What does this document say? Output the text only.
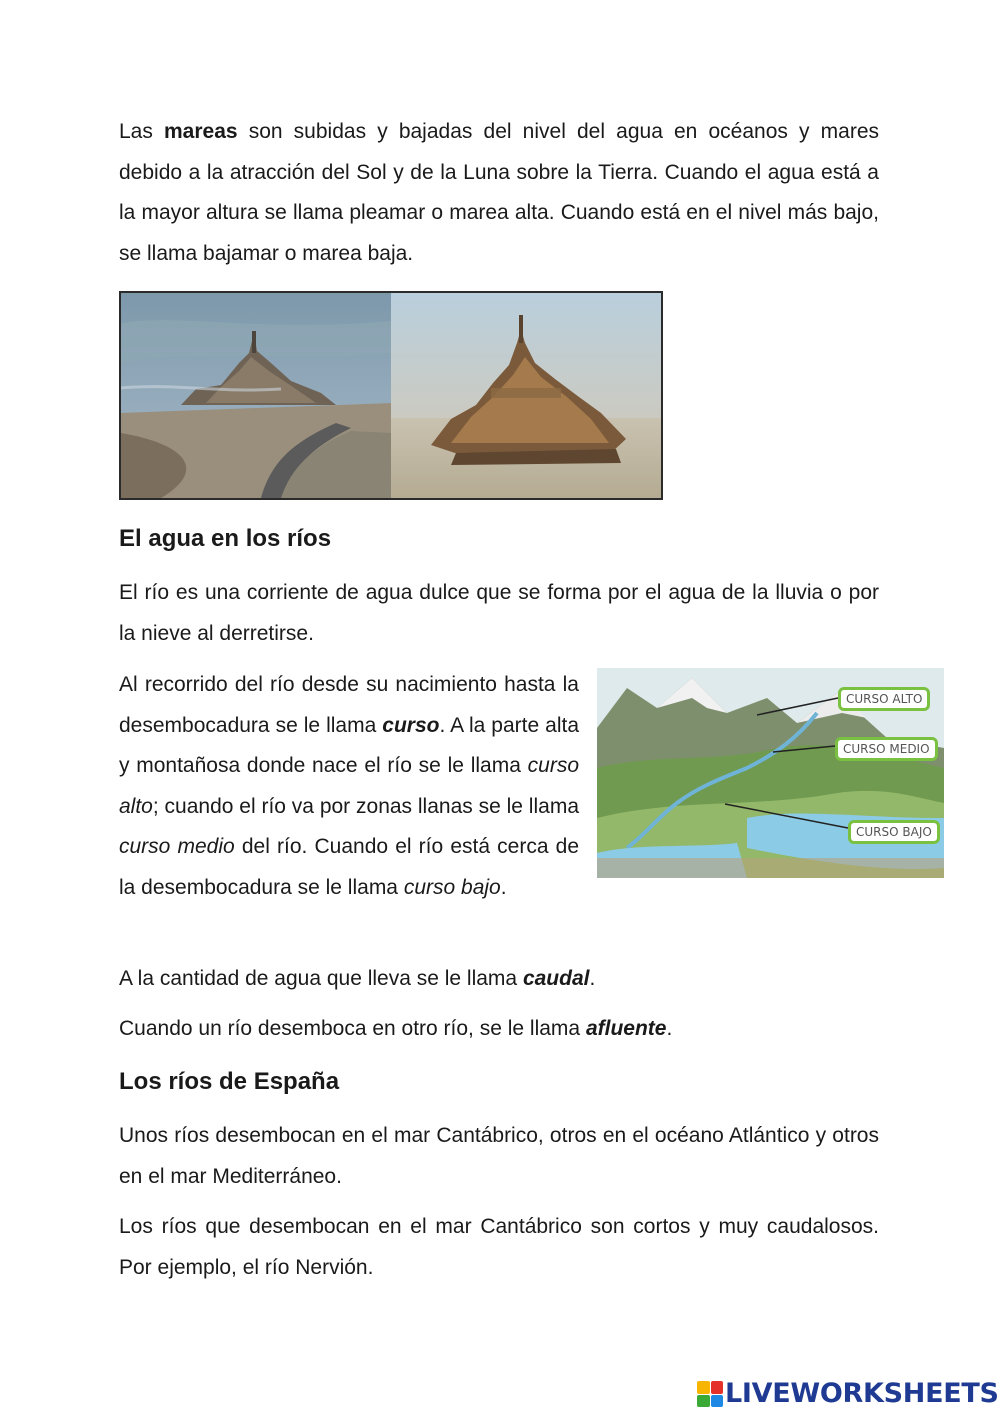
Las mareas son subidas y bajadas del nivel del agua en océanos y mares debido a la atracción del Sol y de la Luna sobre la Tierra. Cuando el agua está a la mayor altura se llama pleamar o marea alta. Cuando está en el nivel más bajo, se llama bajamar o marea baja.

El agua en los ríos

El río es una corriente de agua dulce que se forma por el agua de la lluvia o por la nieve al derretirse.

Al recorrido del río desde su nacimiento hasta la desembocadura se le llama curso. A la parte alta y montañosa donde nace el río se le llama curso alto; cuando el río va por zonas llanas se le llama curso medio del río. Cuando el río está cerca de la desembocadura se le llama curso bajo.

CURSO ALTO
CURSO MEDIO
CURSO BAJO

A la cantidad de agua que lleva se le llama caudal.

Cuando un río desemboca en otro río, se le llama afluente.

Los ríos de España

Unos ríos desembocan en el mar Cantábrico, otros en el océano Atlántico y otros en el mar Mediterráneo.

Los ríos que desembocan en el mar Cantábrico son cortos y muy caudalosos. Por ejemplo, el río Nervión.

LIVEWORKSHEETS
